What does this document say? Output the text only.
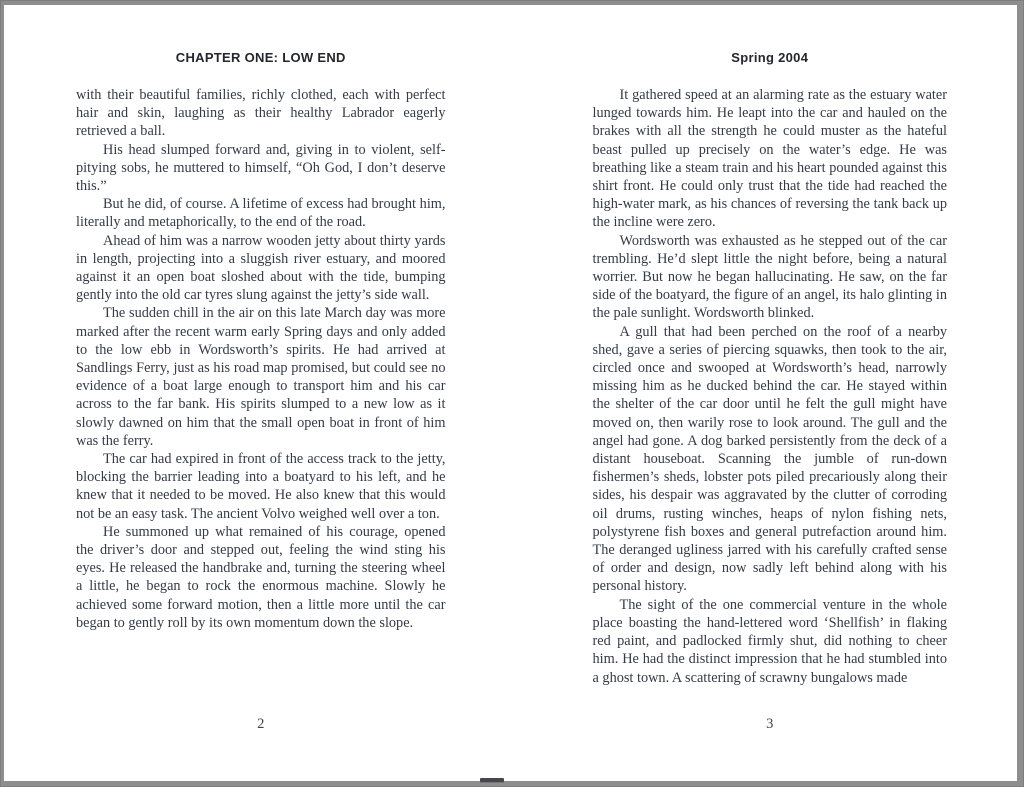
CHAPTER ONE: LOW END

with their beautiful families, richly clothed, each with perfect hair and skin, laughing as their healthy Labrador eagerly retrieved a ball.

His head slumped forward and, giving in to violent, self-pitying sobs, he muttered to himself, “Oh God, I don’t deserve this.”

But he did, of course. A lifetime of excess had brought him, literally and metaphorically, to the end of the road.

Ahead of him was a narrow wooden jetty about thirty yards in length, projecting into a sluggish river estuary, and moored against it an open boat sloshed about with the tide, bumping gently into the old car tyres slung against the jetty’s side wall.

The sudden chill in the air on this late March day was more marked after the recent warm early Spring days and only added to the low ebb in Wordsworth’s spirits. He had arrived at Sandlings Ferry, just as his road map promised, but could see no evidence of a boat large enough to transport him and his car across to the far bank. His spirits slumped to a new low as it slowly dawned on him that the small open boat in front of him was the ferry.

The car had expired in front of the access track to the jetty, blocking the barrier leading into a boatyard to his left, and he knew that it needed to be moved. He also knew that this would not be an easy task. The ancient Volvo weighed well over a ton.

He summoned up what remained of his courage, opened the driver’s door and stepped out, feeling the wind sting his eyes. He released the handbrake and, turning the steering wheel a little, he began to rock the enormous machine. Slowly he achieved some forward motion, then a little more until the car began to gently roll by its own momentum down the slope.

2
Spring 2004

It gathered speed at an alarming rate as the estuary water lunged towards him. He leapt into the car and hauled on the brakes with all the strength he could muster as the hateful beast pulled up precisely on the water’s edge. He was breathing like a steam train and his heart pounded against this shirt front. He could only trust that the tide had reached the high-water mark, as his chances of reversing the tank back up the incline were zero.

Wordsworth was exhausted as he stepped out of the car trembling. He’d slept little the night before, being a natural worrier. But now he began hallucinating. He saw, on the far side of the boatyard, the figure of an angel, its halo glinting in the pale sunlight. Wordsworth blinked.

A gull that had been perched on the roof of a nearby shed, gave a series of piercing squawks, then took to the air, circled once and swooped at Wordsworth’s head, narrowly missing him as he ducked behind the car. He stayed within the shelter of the car door until he felt the gull might have moved on, then warily rose to look around. The gull and the angel had gone. A dog barked persistently from the deck of a distant houseboat. Scanning the jumble of run-down fishermen’s sheds, lobster pots piled precariously along their sides, his despair was aggravated by the clutter of corroding oil drums, rusting winches, heaps of nylon fishing nets, polystyrene fish boxes and general putrefaction around him. The deranged ugliness jarred with his carefully crafted sense of order and design, now sadly left behind along with his personal history.

The sight of the one commercial venture in the whole place boasting the hand-lettered word ‘Shellfish’ in flaking red paint, and padlocked firmly shut, did nothing to cheer him. He had the distinct impression that he had stumbled into a ghost town. A scattering of scrawny bungalows made

3
